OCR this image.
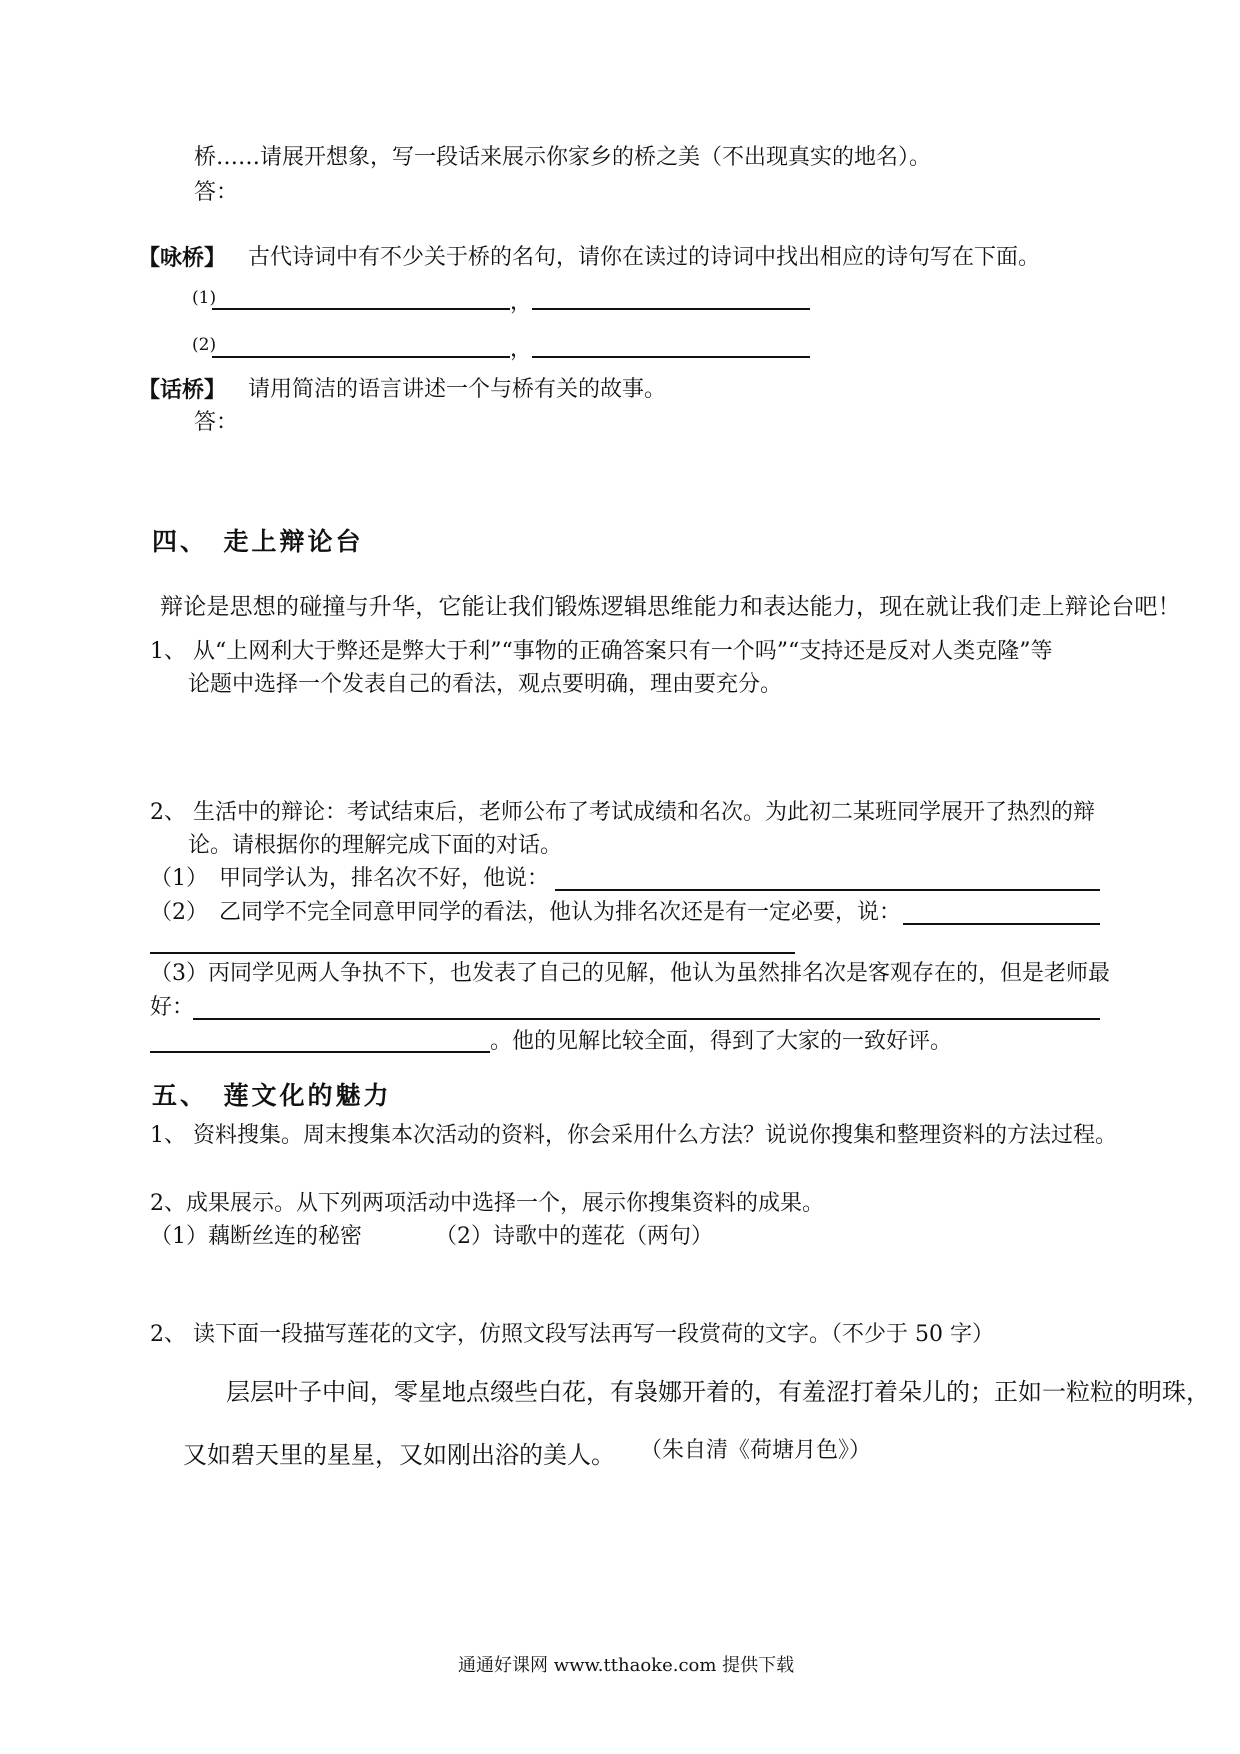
桥……请展开想象，写一段话来展示你家乡的桥之美（不出现真实的地名）。
答：
【咏桥】 古代诗词中有不少关于桥的名句，请你在读过的诗词中找出相应的诗句写在下面。
(1)	，
(2)	，
【话桥】 请用简洁的语言讲述一个与桥有关的故事。
答：
四、　走上辩论台
辩论是思想的碰撞与升华，它能让我们锻炼逻辑思维能力和表达能力，现在就让我们走上辩论台吧！
1、 从“上网利大于弊还是弊大于利”“事物的正确答案只有一个吗”“支持还是反对人类克隆”等
论题中选择一个发表自己的看法，观点要明确，理由要充分。
2、 生活中的辩论：考试结束后，老师公布了考试成绩和名次。为此初二某班同学展开了热烈的辩
论。请根据你的理解完成下面的对话。
（1）　甲同学认为，排名次不好，他说：
（2）　乙同学不完全同意甲同学的看法，他认为排名次还是有一定必要，说：
（3）丙同学见两人争执不下，也发表了自己的见解，他认为虽然排名次是客观存在的，但是老师最
好：
。他的见解比较全面，得到了大家的一致好评。
五、　莲文化的魅力
1、 资料搜集。周末搜集本次活动的资料，你会采用什么方法？说说你搜集和整理资料的方法过程。
2、成果展示。从下列两项活动中选择一个，展示你搜集资料的成果。
（1）藕断丝连的秘密	（2）诗歌中的莲花（两句）
2、 读下面一段描写莲花的文字，仿照文段写法再写一段赏荷的文字。（不少于 50 字）
层层叶子中间，零星地点缀些白花，有袅娜开着的，有羞涩打着朵儿的；正如一粒粒的明珠，
又如碧天里的星星，又如刚出浴的美人。 （朱自清《荷塘月色》）
通通好课网 www.tthaoke.com 提供下载
